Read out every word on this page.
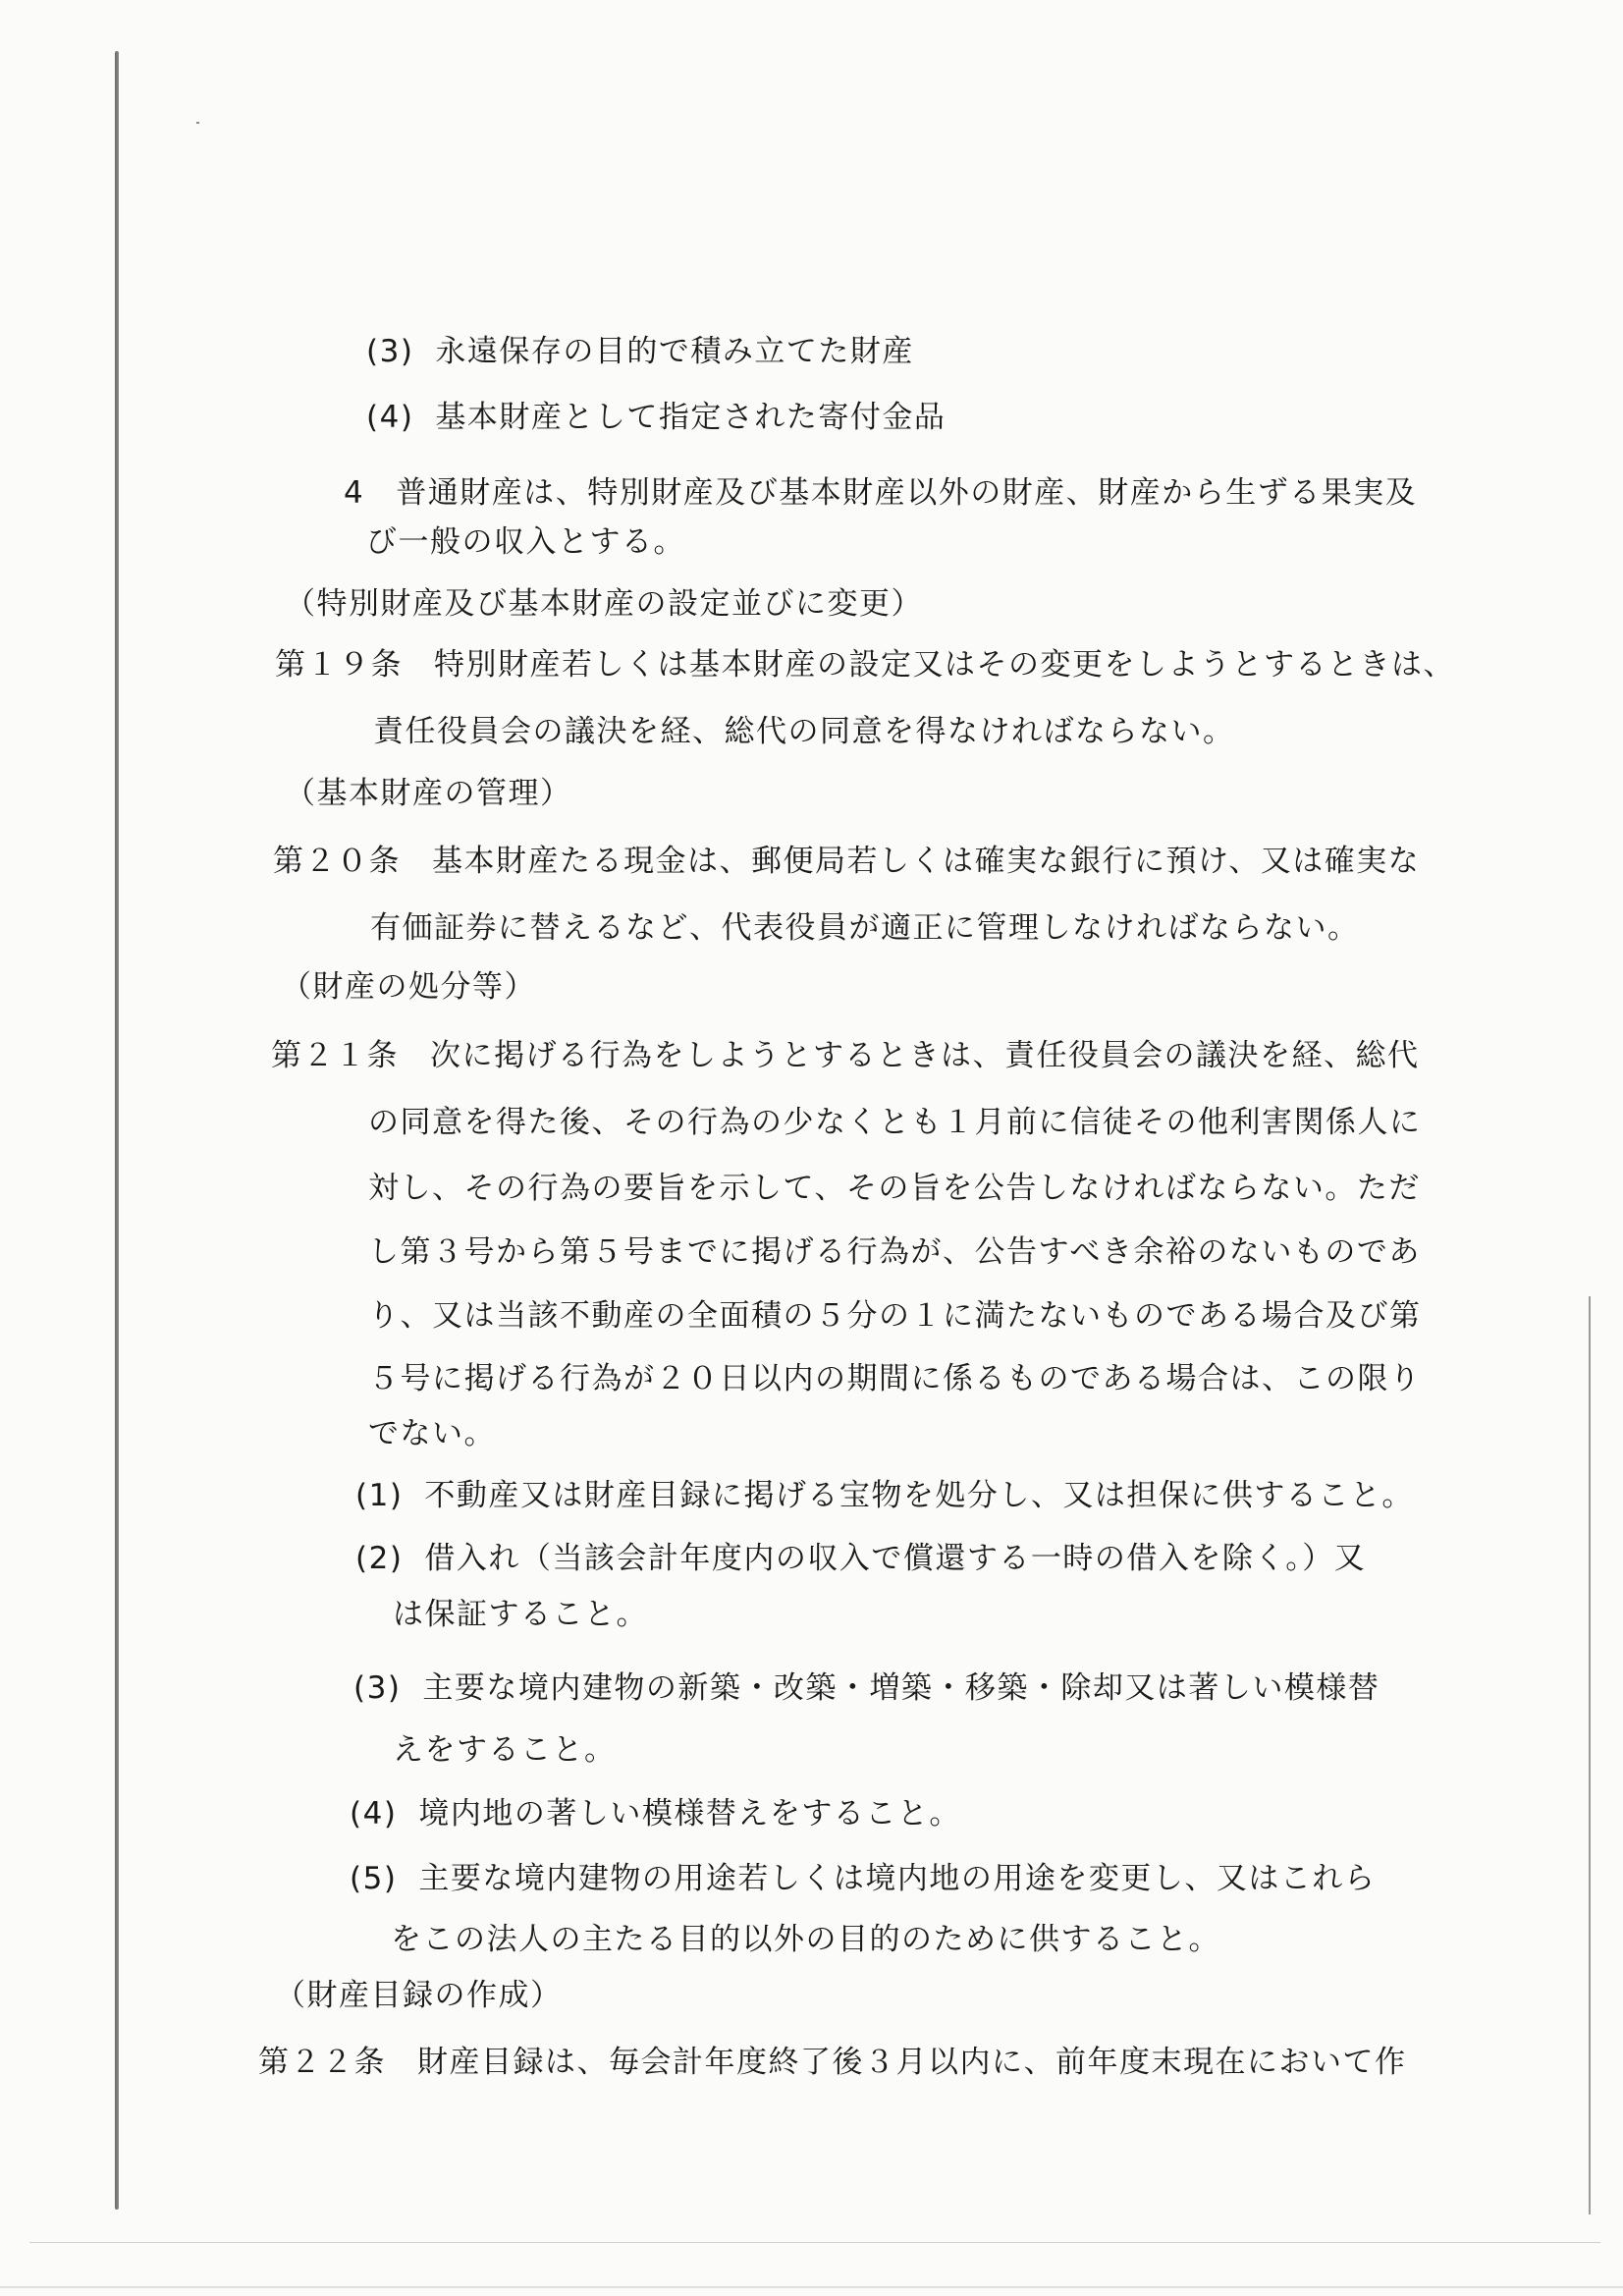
(3) 永遠保存の目的で積み立てた財産
(4) 基本財産として指定された寄付金品
4 普通財産は、特別財産及び基本財産以外の財産、財産から生ずる果実及
び一般の収入とする。
（特別財産及び基本財産の設定並びに変更）
第１９条 特別財産若しくは基本財産の設定又はその変更をしようとするときは、
責任役員会の議決を経、総代の同意を得なければならない。
（基本財産の管理）
第２０条 基本財産たる現金は、郵便局若しくは確実な銀行に預け、又は確実な
有価証券に替えるなど、代表役員が適正に管理しなければならない。
（財産の処分等）
第２１条 次に掲げる行為をしようとするときは、責任役員会の議決を経、総代
の同意を得た後、その行為の少なくとも１月前に信徒その他利害関係人に
対し、その行為の要旨を示して、その旨を公告しなければならない。ただ
し第３号から第５号までに掲げる行為が、公告すべき余裕のないものであ
り、又は当該不動産の全面積の５分の１に満たないものである場合及び第
５号に掲げる行為が２０日以内の期間に係るものである場合は、この限り
でない。
(1) 不動産又は財産目録に掲げる宝物を処分し、又は担保に供すること。
(2) 借入れ（当該会計年度内の収入で償還する一時の借入を除く。）又
は保証すること。
(3) 主要な境内建物の新築・改築・増築・移築・除却又は著しい模様替
えをすること。
(4) 境内地の著しい模様替えをすること。
(5) 主要な境内建物の用途若しくは境内地の用途を変更し、又はこれら
をこの法人の主たる目的以外の目的のために供すること。
（財産目録の作成）
第２２条 財産目録は、毎会計年度終了後３月以内に、前年度末現在において作
